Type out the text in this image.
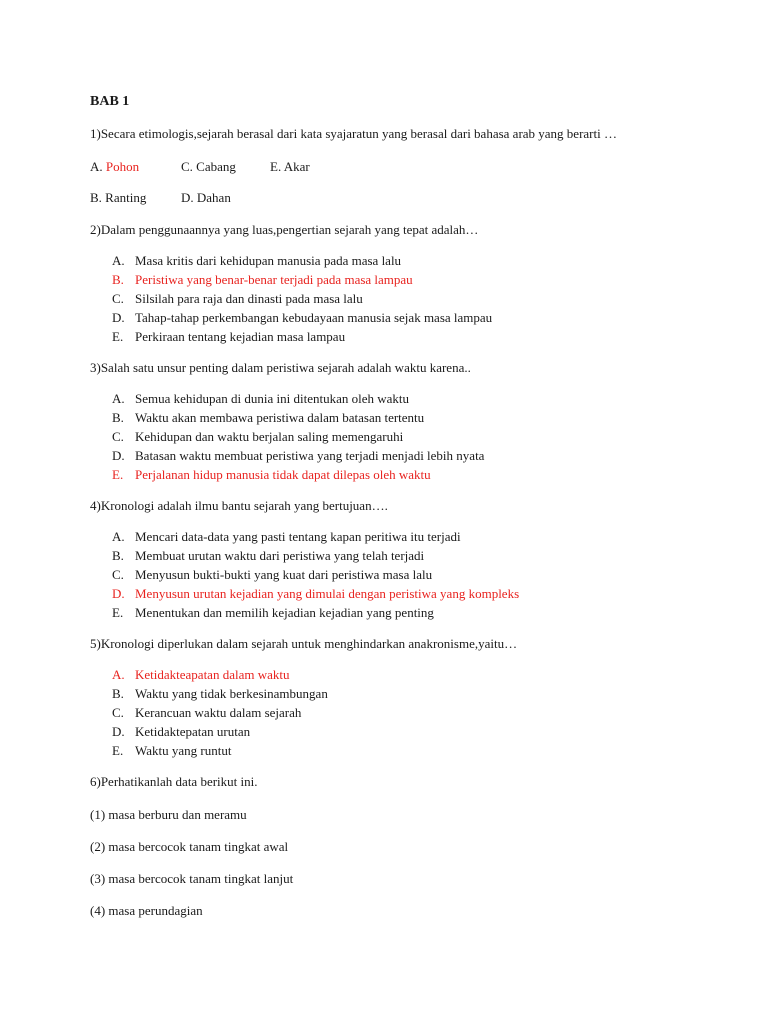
BAB 1
1)Secara etimologis,sejarah berasal dari kata syajaratun yang berasal dari bahasa arab yang berarti …
A. Pohon	C. Cabang	E. Akar
B. Ranting	D. Dahan
2)Dalam penggunaannya yang luas,pengertian sejarah yang tepat adalah…
A. Masa kritis dari kehidupan manusia pada masa lalu
B. Peristiwa yang benar-benar terjadi pada masa lampau
C. Silsilah para raja dan dinasti pada masa lalu
D. Tahap-tahap perkembangan kebudayaan manusia sejak masa lampau
E. Perkiraan tentang kejadian masa lampau
3)Salah satu unsur penting dalam peristiwa sejarah adalah waktu karena..
A. Semua kehidupan di dunia ini ditentukan oleh waktu
B. Waktu akan membawa peristiwa dalam batasan tertentu
C. Kehidupan dan waktu berjalan saling memengaruhi
D. Batasan waktu membuat peristiwa yang terjadi menjadi lebih nyata
E. Perjalanan hidup manusia tidak dapat dilepas oleh waktu
4)Kronologi adalah ilmu bantu sejarah yang bertujuan….
A. Mencari data-data yang pasti tentang kapan peritiwa itu terjadi
B. Membuat urutan waktu dari peristiwa yang telah terjadi
C. Menyusun bukti-bukti yang kuat dari peristiwa masa lalu
D. Menyusun urutan kejadian yang dimulai dengan peristiwa yang kompleks
E. Menentukan dan memilih kejadian kejadian yang penting
5)Kronologi diperlukan dalam sejarah untuk menghindarkan anakronisme,yaitu…
A. Ketidakteapatan dalam waktu
B. Waktu yang tidak berkesinambungan
C. Kerancuan waktu dalam sejarah
D. Ketidaktepatan urutan
E. Waktu yang runtut
6)Perhatikanlah data berikut ini.
(1) masa berburu dan meramu
(2) masa bercocok tanam tingkat awal
(3) masa bercocok tanam tingkat lanjut
(4) masa perundagian
